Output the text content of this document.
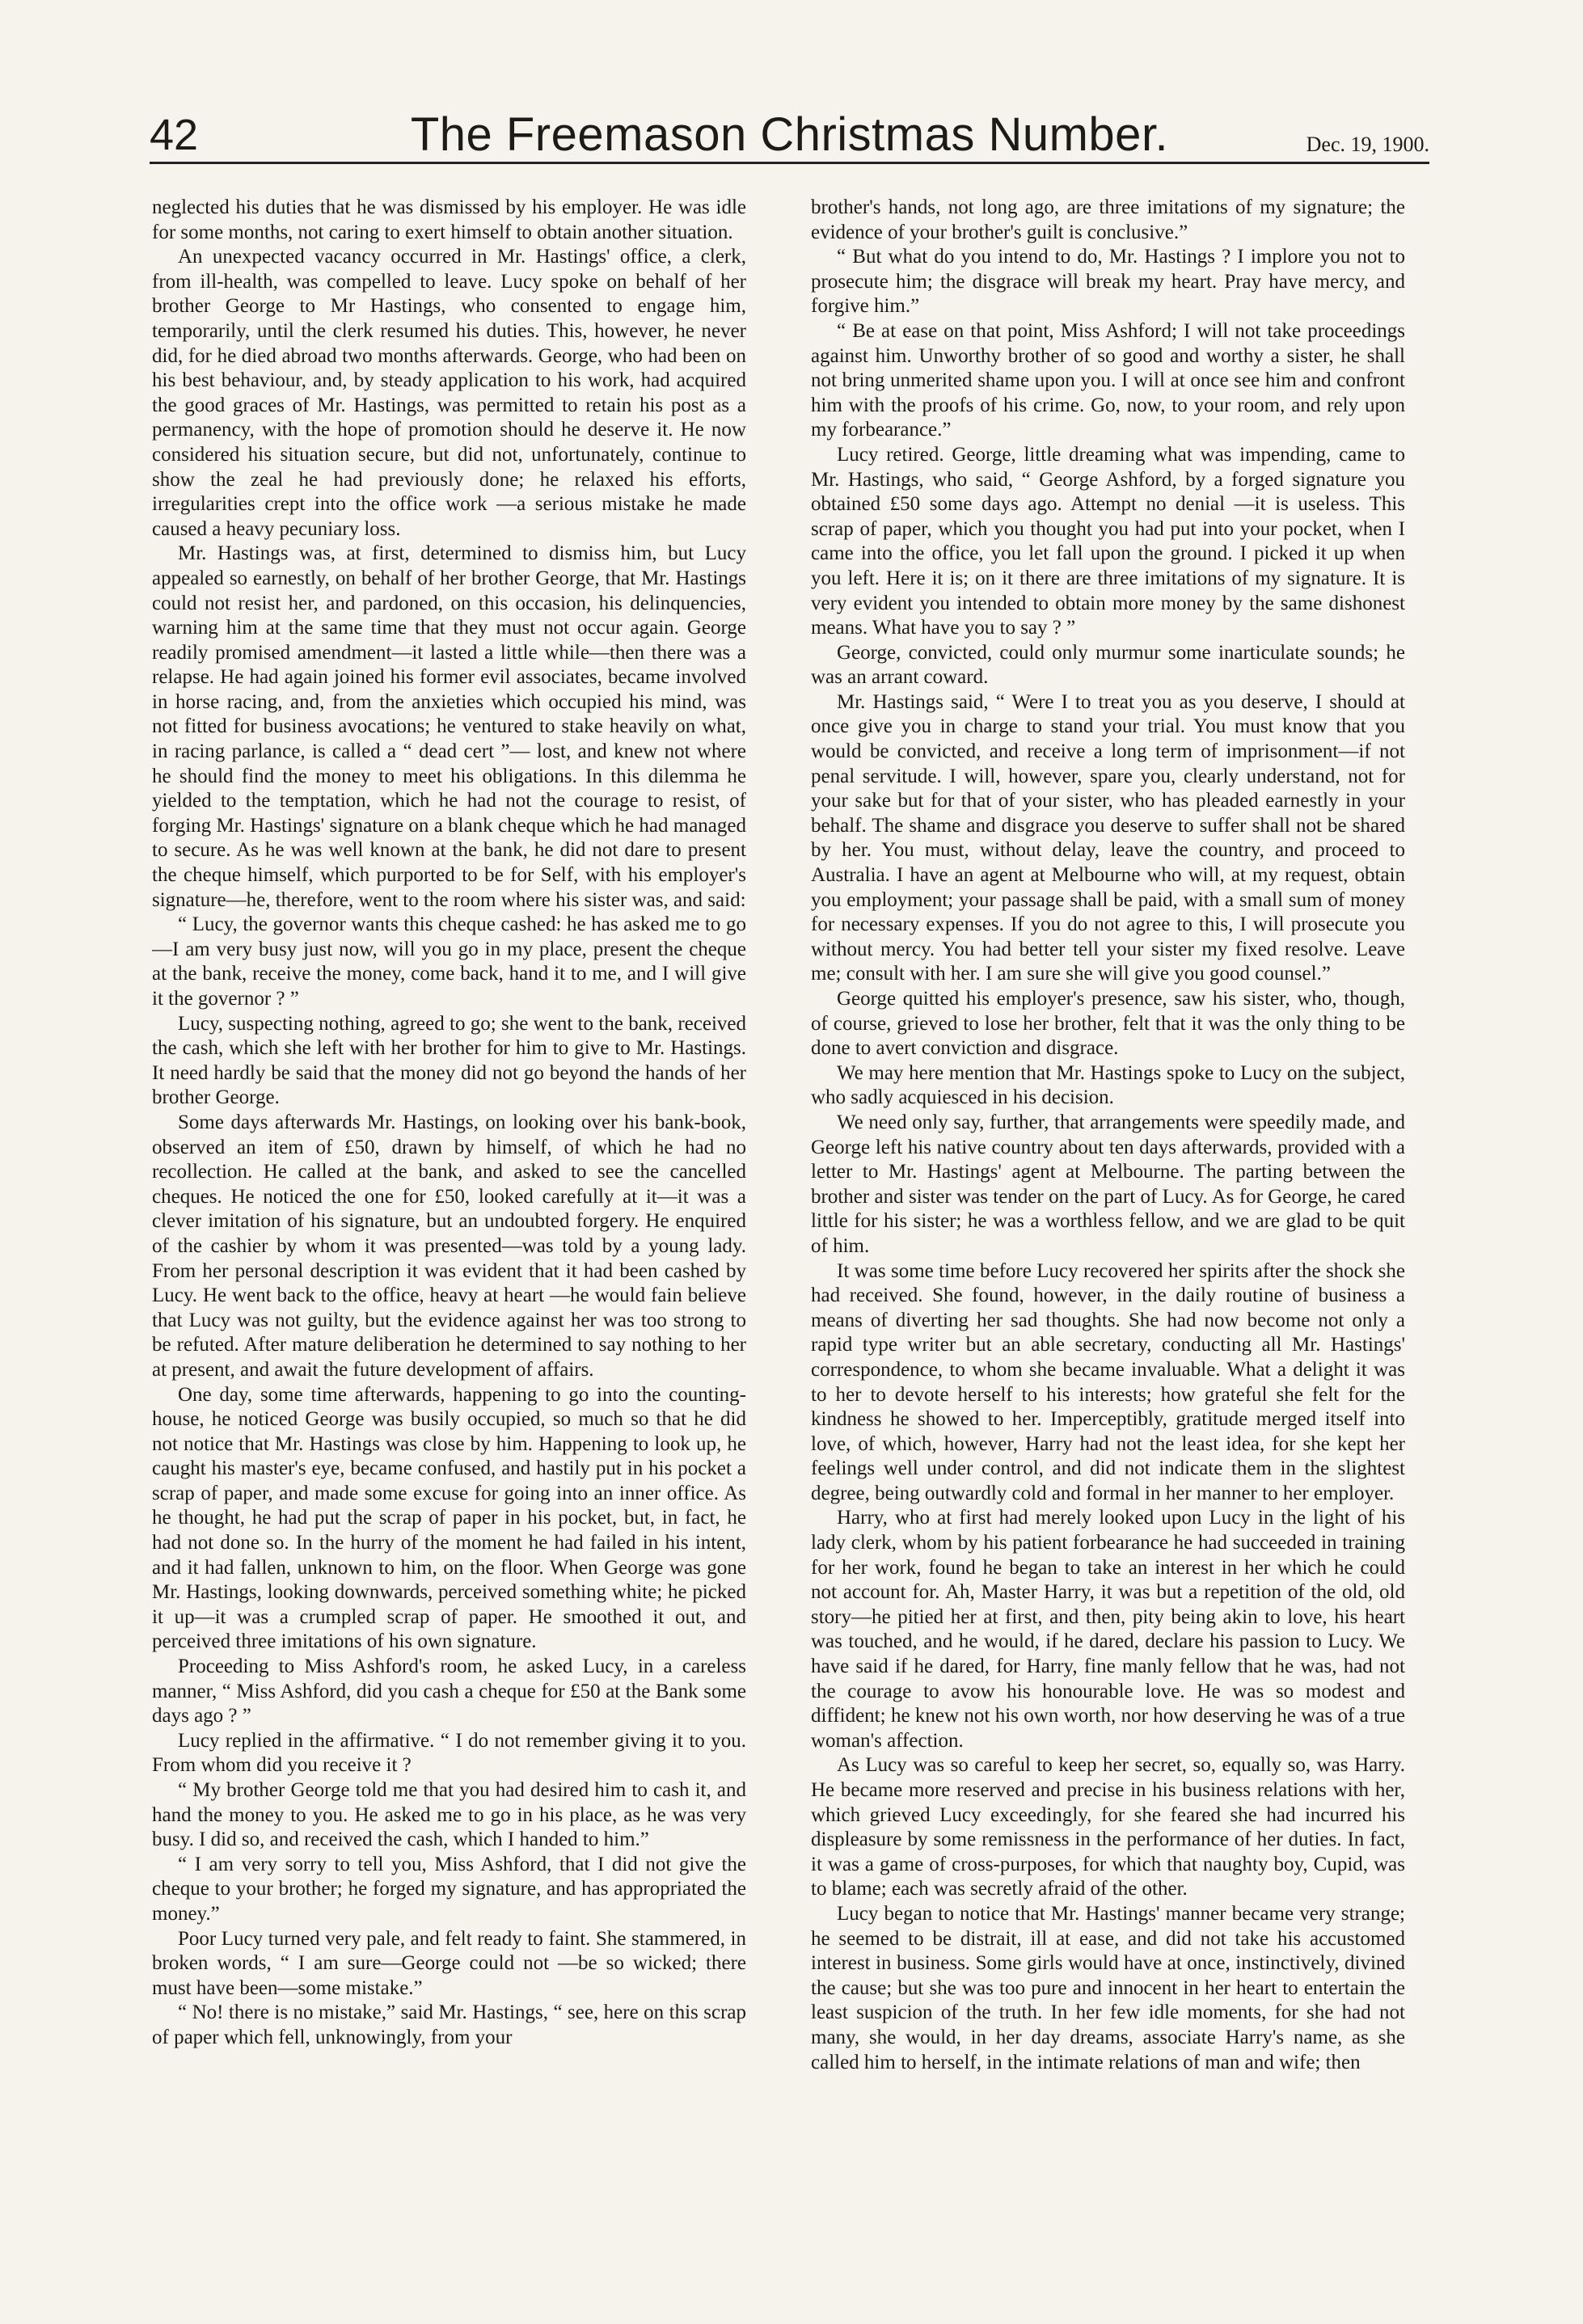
42	The Freemason Christmas Number.	Dec. 19, 1900.

neglected his duties that he was dismissed by his employer. He was idle for some months, not caring to exert himself to obtain another situation.

An unexpected vacancy occurred in Mr. Hastings' office, a clerk, from ill-health, was compelled to leave. Lucy spoke on behalf of her brother George to Mr Hastings, who consented to engage him, temporarily, until the clerk resumed his duties. This, however, he never did, for he died abroad two months afterwards. George, who had been on his best behaviour, and, by steady application to his work, had acquired the good graces of Mr. Hastings, was permitted to retain his post as a permanency, with the hope of promotion should he deserve it. He now considered his situation secure, but did not, unfortunately, continue to show the zeal he had previously done; he relaxed his efforts, irregularities crept into the office work —a serious mistake he made caused a heavy pecuniary loss.

Mr. Hastings was, at first, determined to dismiss him, but Lucy appealed so earnestly, on behalf of her brother George, that Mr. Hastings could not resist her, and pardoned, on this occasion, his delinquencies, warning him at the same time that they must not occur again. George readily promised amendment—it lasted a little while—then there was a relapse. He had again joined his former evil associates, became involved in horse racing, and, from the anxieties which occupied his mind, was not fitted for business avocations; he ventured to stake heavily on what, in racing parlance, is called a “ dead cert ”— lost, and knew not where he should find the money to meet his obligations. In this dilemma he yielded to the temptation, which he had not the courage to resist, of forging Mr. Hastings' signature on a blank cheque which he had managed to secure. As he was well known at the bank, he did not dare to present the cheque himself, which purported to be for Self, with his employer's signature—he, therefore, went to the room where his sister was, and said:

“ Lucy, the governor wants this cheque cashed: he has asked me to go—I am very busy just now, will you go in my place, present the cheque at the bank, receive the money, come back, hand it to me, and I will give it the governor ? ”

Lucy, suspecting nothing, agreed to go; she went to the bank, received the cash, which she left with her brother for him to give to Mr. Hastings. It need hardly be said that the money did not go beyond the hands of her brother George.

Some days afterwards Mr. Hastings, on looking over his bank-book, observed an item of £50, drawn by himself, of which he had no recollection. He called at the bank, and asked to see the cancelled cheques. He noticed the one for £50, looked carefully at it—it was a clever imitation of his signature, but an undoubted forgery. He enquired of the cashier by whom it was presented—was told by a young lady. From her personal description it was evident that it had been cashed by Lucy. He went back to the office, heavy at heart —he would fain believe that Lucy was not guilty, but the evidence against her was too strong to be refuted. After mature deliberation he determined to say nothing to her at present, and await the future development of affairs.

One day, some time afterwards, happening to go into the counting-house, he noticed George was busily occupied, so much so that he did not notice that Mr. Hastings was close by him. Happening to look up, he caught his master's eye, became confused, and hastily put in his pocket a scrap of paper, and made some excuse for going into an inner office. As he thought, he had put the scrap of paper in his pocket, but, in fact, he had not done so. In the hurry of the moment he had failed in his intent, and it had fallen, unknown to him, on the floor. When George was gone Mr. Hastings, looking downwards, perceived something white; he picked it up—it was a crumpled scrap of paper. He smoothed it out, and perceived three imitations of his own signature.

Proceeding to Miss Ashford's room, he asked Lucy, in a careless manner, “ Miss Ashford, did you cash a cheque for £50 at the Bank some days ago ? ”

Lucy replied in the affirmative. “ I do not remember giving it to you. From whom did you receive it ?

“ My brother George told me that you had desired him to cash it, and hand the money to you. He asked me to go in his place, as he was very busy. I did so, and received the cash, which I handed to him.”

“ I am very sorry to tell you, Miss Ashford, that I did not give the cheque to your brother; he forged my signature, and has appropriated the money.”

Poor Lucy turned very pale, and felt ready to faint. She stammered, in broken words, “ I am sure—George could not —be so wicked; there must have been—some mistake.”

“ No! there is no mistake,” said Mr. Hastings, “ see, here on this scrap of paper which fell, unknowingly, from your

brother's hands, not long ago, are three imitations of my signature; the evidence of your brother's guilt is conclusive.”

“ But what do you intend to do, Mr. Hastings ? I implore you not to prosecute him; the disgrace will break my heart. Pray have mercy, and forgive him.”

“ Be at ease on that point, Miss Ashford; I will not take proceedings against him. Unworthy brother of so good and worthy a sister, he shall not bring unmerited shame upon you. I will at once see him and confront him with the proofs of his crime. Go, now, to your room, and rely upon my forbearance.”

Lucy retired. George, little dreaming what was impending, came to Mr. Hastings, who said, “ George Ashford, by a forged signature you obtained £50 some days ago. Attempt no denial —it is useless. This scrap of paper, which you thought you had put into your pocket, when I came into the office, you let fall upon the ground. I picked it up when you left. Here it is; on it there are three imitations of my signature. It is very evident you intended to obtain more money by the same dishonest means. What have you to say ? ”

George, convicted, could only murmur some inarticulate sounds; he was an arrant coward.

Mr. Hastings said, “ Were I to treat you as you deserve, I should at once give you in charge to stand your trial. You must know that you would be convicted, and receive a long term of imprisonment—if not penal servitude. I will, however, spare you, clearly understand, not for your sake but for that of your sister, who has pleaded earnestly in your behalf. The shame and disgrace you deserve to suffer shall not be shared by her. You must, without delay, leave the country, and proceed to Australia. I have an agent at Melbourne who will, at my request, obtain you employment; your passage shall be paid, with a small sum of money for necessary expenses. If you do not agree to this, I will prosecute you without mercy. You had better tell your sister my fixed resolve. Leave me; consult with her. I am sure she will give you good counsel.”

George quitted his employer's presence, saw his sister, who, though, of course, grieved to lose her brother, felt that it was the only thing to be done to avert conviction and disgrace.

We may here mention that Mr. Hastings spoke to Lucy on the subject, who sadly acquiesced in his decision.

We need only say, further, that arrangements were speedily made, and George left his native country about ten days afterwards, provided with a letter to Mr. Hastings' agent at Melbourne. The parting between the brother and sister was tender on the part of Lucy. As for George, he cared little for his sister; he was a worthless fellow, and we are glad to be quit of him.

It was some time before Lucy recovered her spirits after the shock she had received. She found, however, in the daily routine of business a means of diverting her sad thoughts. She had now become not only a rapid type writer but an able secretary, conducting all Mr. Hastings' correspondence, to whom she became invaluable. What a delight it was to her to devote herself to his interests; how grateful she felt for the kindness he showed to her. Imperceptibly, gratitude merged itself into love, of which, however, Harry had not the least idea, for she kept her feelings well under control, and did not indicate them in the slightest degree, being outwardly cold and formal in her manner to her employer.

Harry, who at first had merely looked upon Lucy in the light of his lady clerk, whom by his patient forbearance he had succeeded in training for her work, found he began to take an interest in her which he could not account for. Ah, Master Harry, it was but a repetition of the old, old story—he pitied her at first, and then, pity being akin to love, his heart was touched, and he would, if he dared, declare his passion to Lucy. We have said if he dared, for Harry, fine manly fellow that he was, had not the courage to avow his honourable love. He was so modest and diffident; he knew not his own worth, nor how deserving he was of a true woman's affection.

As Lucy was so careful to keep her secret, so, equally so, was Harry. He became more reserved and precise in his business relations with her, which grieved Lucy exceedingly, for she feared she had incurred his displeasure by some remissness in the performance of her duties. In fact, it was a game of cross-purposes, for which that naughty boy, Cupid, was to blame; each was secretly afraid of the other.

Lucy began to notice that Mr. Hastings' manner became very strange; he seemed to be distrait, ill at ease, and did not take his accustomed interest in business. Some girls would have at once, instinctively, divined the cause; but she was too pure and innocent in her heart to entertain the least suspicion of the truth. In her few idle moments, for she had not many, she would, in her day dreams, associate Harry's name, as she called him to herself, in the intimate relations of man and wife; then
